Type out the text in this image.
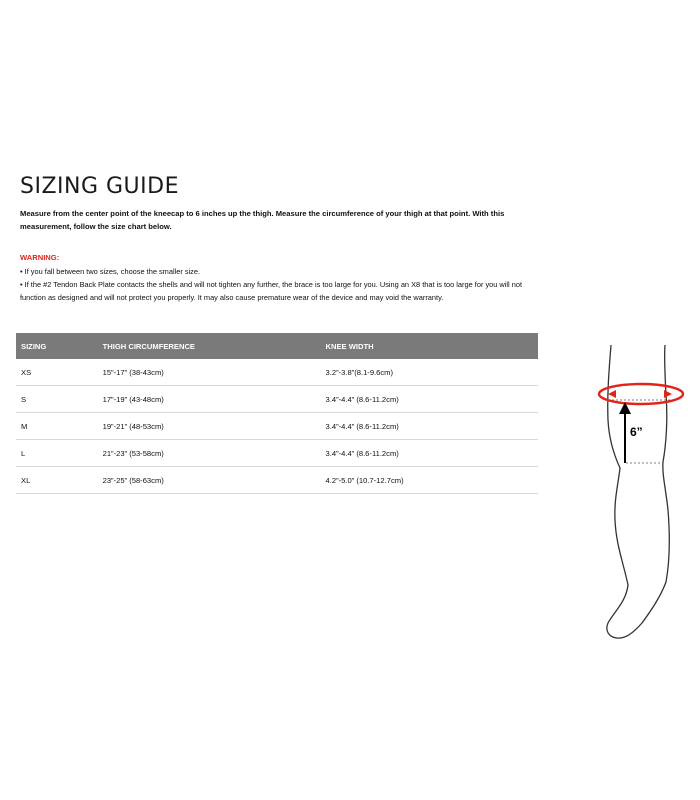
SIZING GUIDE

Measure from the center point of the kneecap to 6 inches up the thigh. Measure the circumference of your thigh at that point. With this measurement, follow the size chart below.

WARNING:

• If you fall between two sizes, choose the smaller size.

• If the #2 Tendon Back Plate contacts the shells and will not tighten any further, the brace is too large for you. Using an X8 that is too large for you will not function as designed and will not protect you properly. It may also cause premature wear of the device and may void the warranty.

SIZING	THIGH CIRCUMFERENCE	KNEE WIDTH
XS	15”-17” (38-43cm)	3.2”-3.8”(8.1-9.6cm)
S	17”-19” (43-48cm)	3.4”-4.4” (8.6-11.2cm)
M	19”-21” (48-53cm)	3.4”-4.4” (8.6-11.2cm)
L	21”-23” (53-58cm)	3.4”-4.4” (8.6-11.2cm)
XL	23”-25” (58-63cm)	4.2”-5.0” (10.7-12.7cm)
6”
